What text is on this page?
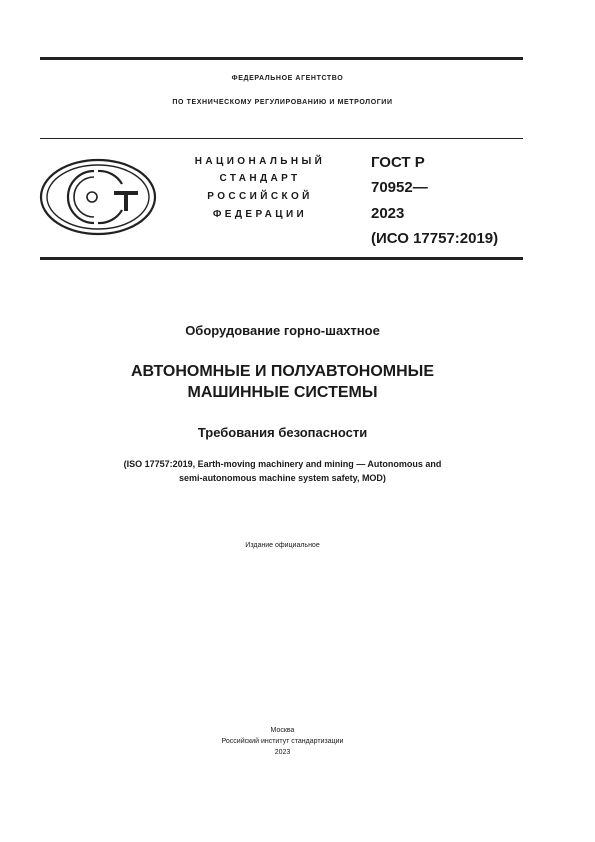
ФЕДЕРАЛЬНОЕ АГЕНТСТВО
ПО ТЕХНИЧЕСКОМУ РЕГУЛИРОВАНИЮ И МЕТРОЛОГИИ
НАЦИОНАЛЬНЫЙ
СТАНДАРТ
РОССИЙСКОЙ
ФЕДЕРАЦИИ
ГОСТ Р
70952—
2023
(ИСО 17757:2019)
Оборудование горно-шахтное
АВТОНОМНЫЕ И ПОЛУАВТОНОМНЫЕ
МАШИННЫЕ СИСТЕМЫ
Требования безопасности
(ISO 17757:2019, Earth-moving machinery and mining — Autonomous and
semi-autonomous machine system safety, MOD)
Издание официальное
Москва
Российский институт стандартизации
2023
